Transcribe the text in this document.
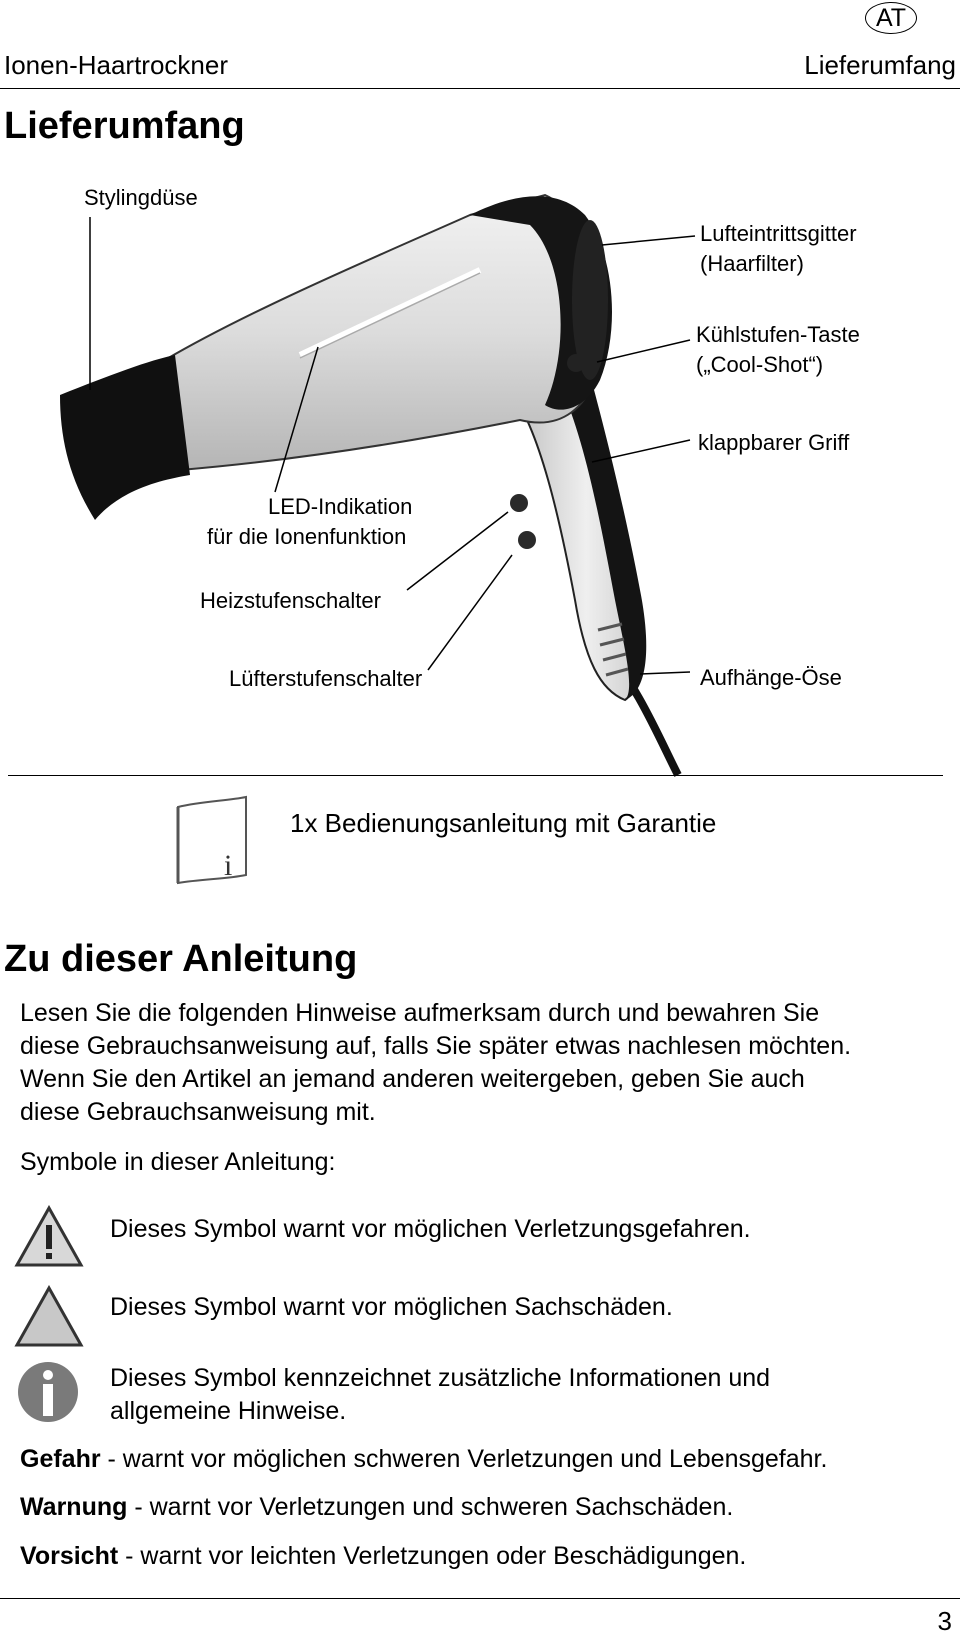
Ionen-Haartrockner
AT
Lieferumfang
Lieferumfang
Stylingdüse
Lufteintrittsgitter
(Haarfilter)
Kühlstufen-Taste
(„Cool-Shot“)
klappbarer Griff
LED-Indikation
für die Ionenfunktion
Heizstufenschalter
Lüfterstufenschalter	Aufhänge-Öse
i
1x Bedienungsanleitung mit Garantie
Zu dieser Anleitung
Lesen Sie die folgenden Hinweise aufmerksam durch und bewahren Sie
diese Gebrauchsanweisung auf, falls Sie später etwas nachlesen möchten.
Wenn Sie den Artikel an jemand anderen weitergeben, geben Sie auch
diese Gebrauchsanweisung mit.
Symbole in dieser Anleitung:
Dieses Symbol warnt vor möglichen Verletzungsgefahren.
Dieses Symbol warnt vor möglichen Sachschäden.
Dieses Symbol kennzeichnet zusätzliche Informationen und
allgemeine Hinweise.
Gefahr - warnt vor möglichen schweren Verletzungen und Lebensgefahr.
Warnung - warnt vor Verletzungen und schweren Sachschäden.
Vorsicht - warnt vor leichten Verletzungen oder Beschädigungen.
3
